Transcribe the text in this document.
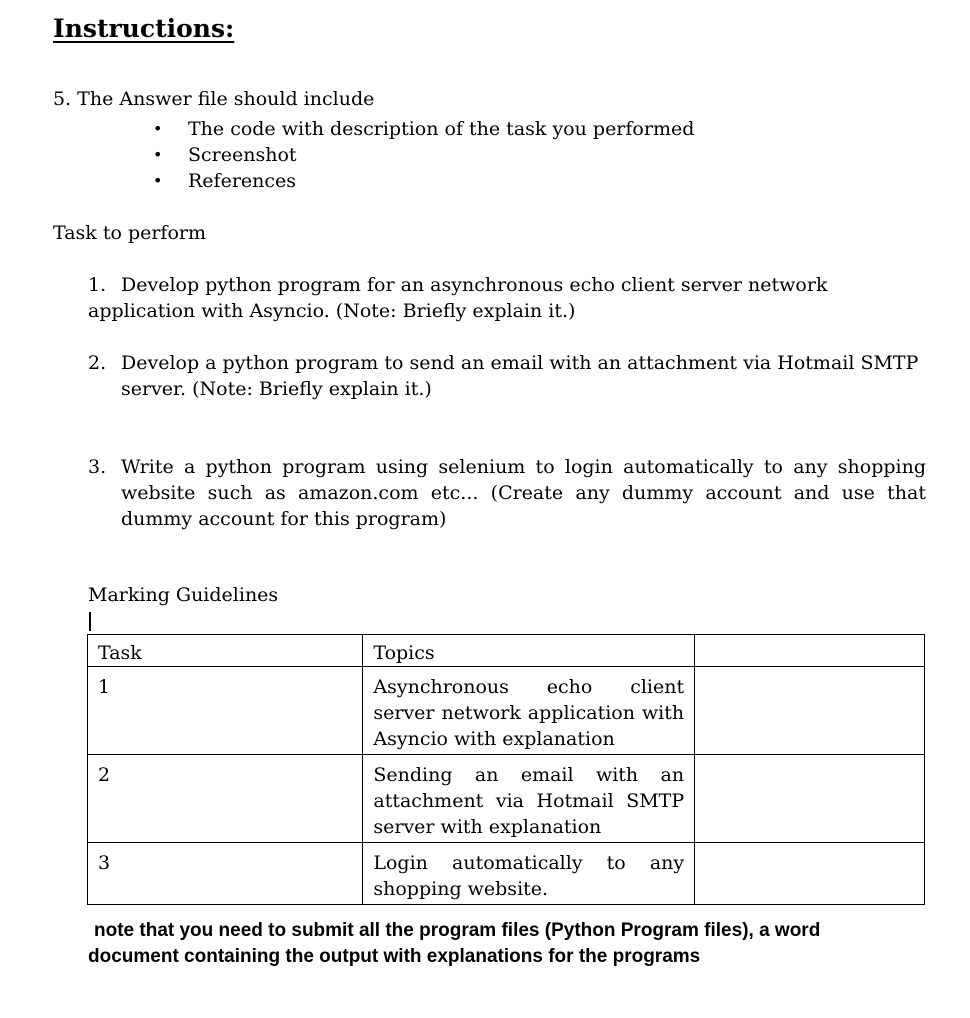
Instructions:
5. The Answer file should include
• The code with description of the task you performed
• Screenshot
• References
Task to perform
1. Develop python program for an asynchronous echo client server network application with Asyncio. (Note: Briefly explain it.)
2. Develop a python program to send an email with an attachment via Hotmail SMTP server. (Note: Briefly explain it.)
3. Write a python program using selenium to login automatically to any shopping website such as amazon.com etc... (Create any dummy account and use that dummy account for this program)
Marking Guidelines
Task	Topics	
1	Asynchronous echo client server network application with Asyncio with explanation	
2	Sending an email with an attachment via Hotmail SMTP server with explanation	
3	Login automatically to any shopping website.	
note that you need to submit all the program files (Python Program files), a word document containing the output with explanations for the programs
